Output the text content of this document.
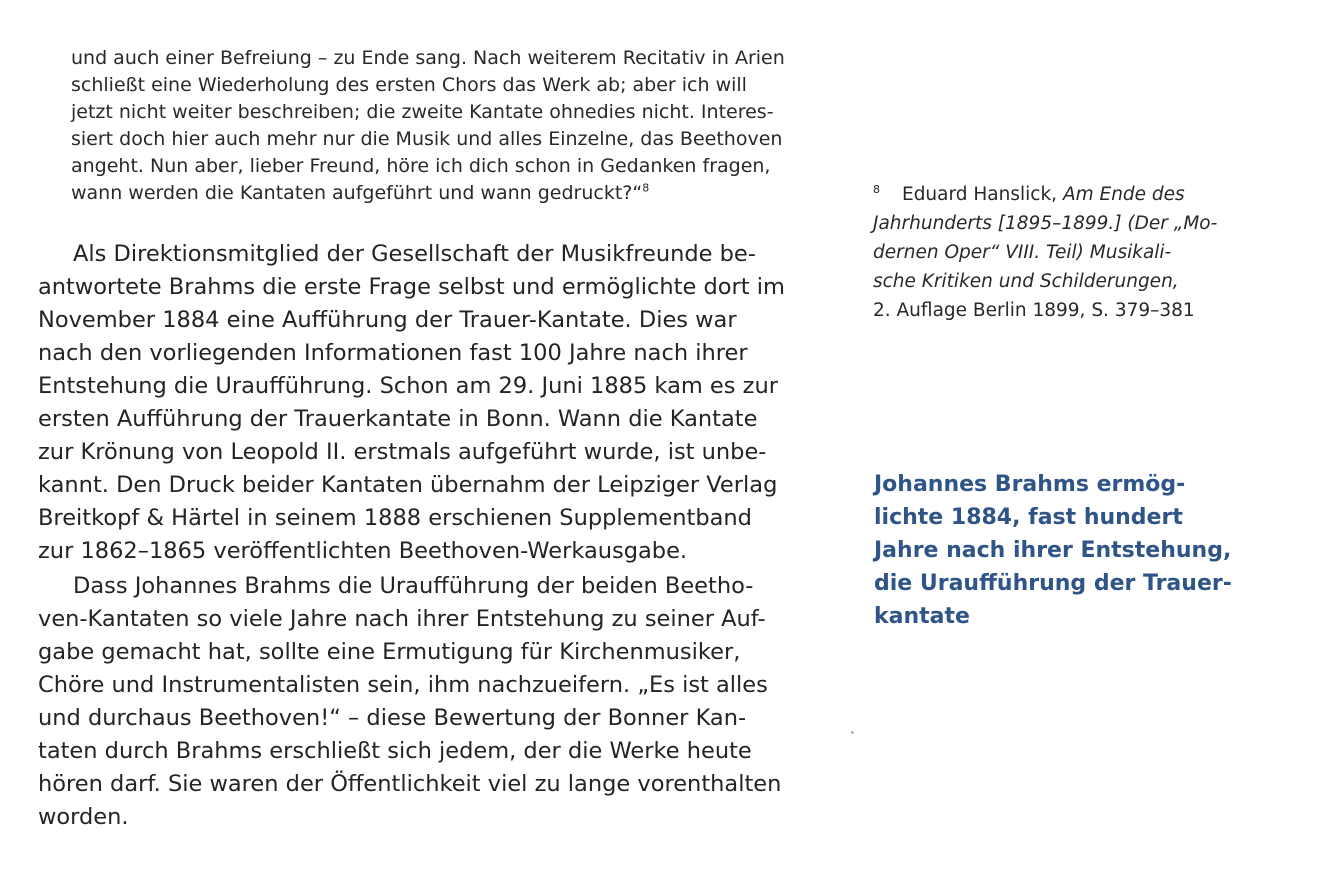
und auch einer Befreiung – zu Ende sang. Nach weiterem Recitativ in Arien
schließt eine Wiederholung des ersten Chors das Werk ab; aber ich will
jetzt nicht weiter beschreiben; die zweite Kantate ohnedies nicht. Interes-
siert doch hier auch mehr nur die Musik und alles Einzelne, das Beethoven
angeht. Nun aber, lieber Freund, höre ich dich schon in Gedanken fragen,
wann werden die Kantaten aufgeführt und wann gedruckt?“$^8$
Als Direktionsmitglied der Gesellschaft der Musikfreunde be-
antwortete Brahms die erste Frage selbst und ermöglichte dort im
November 1884 eine Aufführung der Trauer-Kantate. Dies war
nach den vorliegenden Informationen fast 100 Jahre nach ihrer
Entstehung die Uraufführung. Schon am 29. Juni 1885 kam es zur
ersten Aufführung der Trauerkantate in Bonn. Wann die Kantate
zur Krönung von Leopold II. erstmals aufgeführt wurde, ist unbe-
kannt. Den Druck beider Kantaten übernahm der Leipziger Verlag
Breitkopf & Härtel in seinem 1888 erschienen Supplementband
zur 1862–1865 veröffentlichten Beethoven-Werkausgabe.
Dass Johannes Brahms die Uraufführung der beiden Beetho-
ven-Kantaten so viele Jahre nach ihrer Entstehung zu seiner Auf-
gabe gemacht hat, sollte eine Ermutigung für Kirchenmusiker,
Chöre und Instrumentalisten sein, ihm nachzueifern. „Es ist alles
und durchaus Beethoven!“ – diese Bewertung der Bonner Kan-
taten durch Brahms erschließt sich jedem, der die Werke heute
hören darf. Sie waren der Öffentlichkeit viel zu lange vorenthalten
worden.
$^8$ Eduard Hanslick, Am Ende des
Jahrhunderts [1895–1899.] (Der „Mo-
dernen Oper“ VIII. Teil) Musikali-
sche Kritiken und Schilderungen,
2. Auflage Berlin 1899, S. 379–381
Johannes Brahms ermög-
lichte 1884, fast hundert
Jahre nach ihrer Entstehung,
die Uraufführung der Trauer-
kantate
